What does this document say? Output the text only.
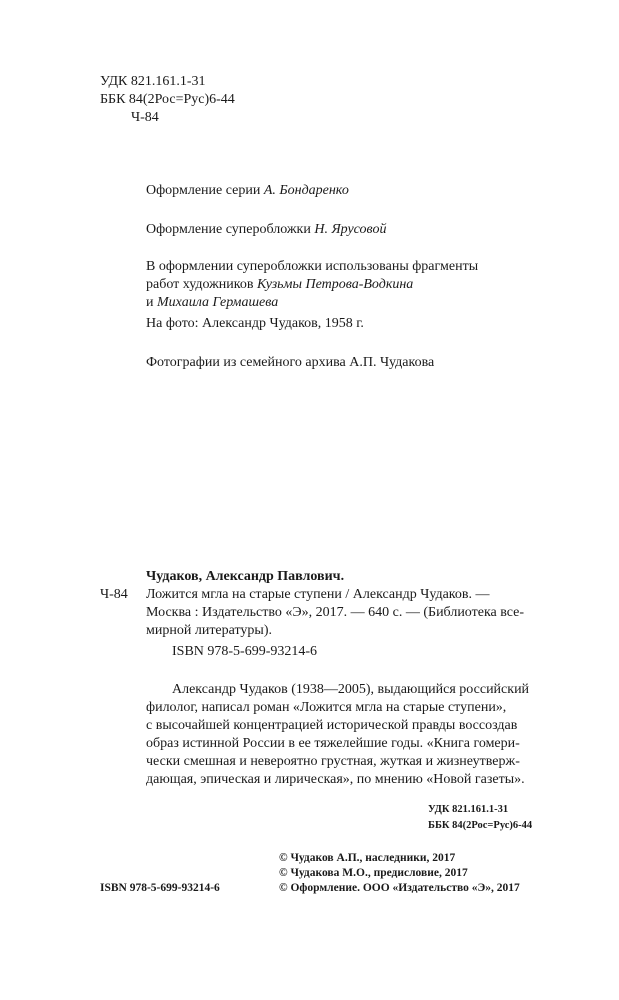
УДК 821.161.1-31
ББК 84(2Рос=Рус)6-44
Ч-84
Оформление серии А. Бондаренко
Оформление суперобложки Н. Ярусовой
В оформлении суперобложки использованы фрагменты
работ художников Кузьмы Петрова-Водкина
и Михаила Гермашева
На фото: Александр Чудаков, 1958 г.
Фотографии из семейного архива А.П. Чудакова
Чудаков, Александр Павлович.
Ч-84 Ложится мгла на старые ступени / Александр Чудаков. —
Москва : Издательство «Э», 2017. — 640 с. — (Библиотека все-
мирной литературы).
ISBN 978-5-699-93214-6
Александр Чудаков (1938—2005), выдающийся российский
филолог, написал роман «Ложится мгла на старые ступени»,
с высочайшей концентрацией исторической правды воссоздав
образ истинной России в ее тяжелейшие годы. «Книга гомери-
чески смешная и невероятно грустная, жуткая и жизнеутверж-
дающая, эпическая и лирическая», по мнению «Новой газеты».
УДК 821.161.1-31
ББК 84(2Рос=Рус)6-44
© Чудаков А.П., наследники, 2017
© Чудакова М.О., предисловие, 2017
© Оформление. ООО «Издательство «Э», 2017
ISBN 978-5-699-93214-6
